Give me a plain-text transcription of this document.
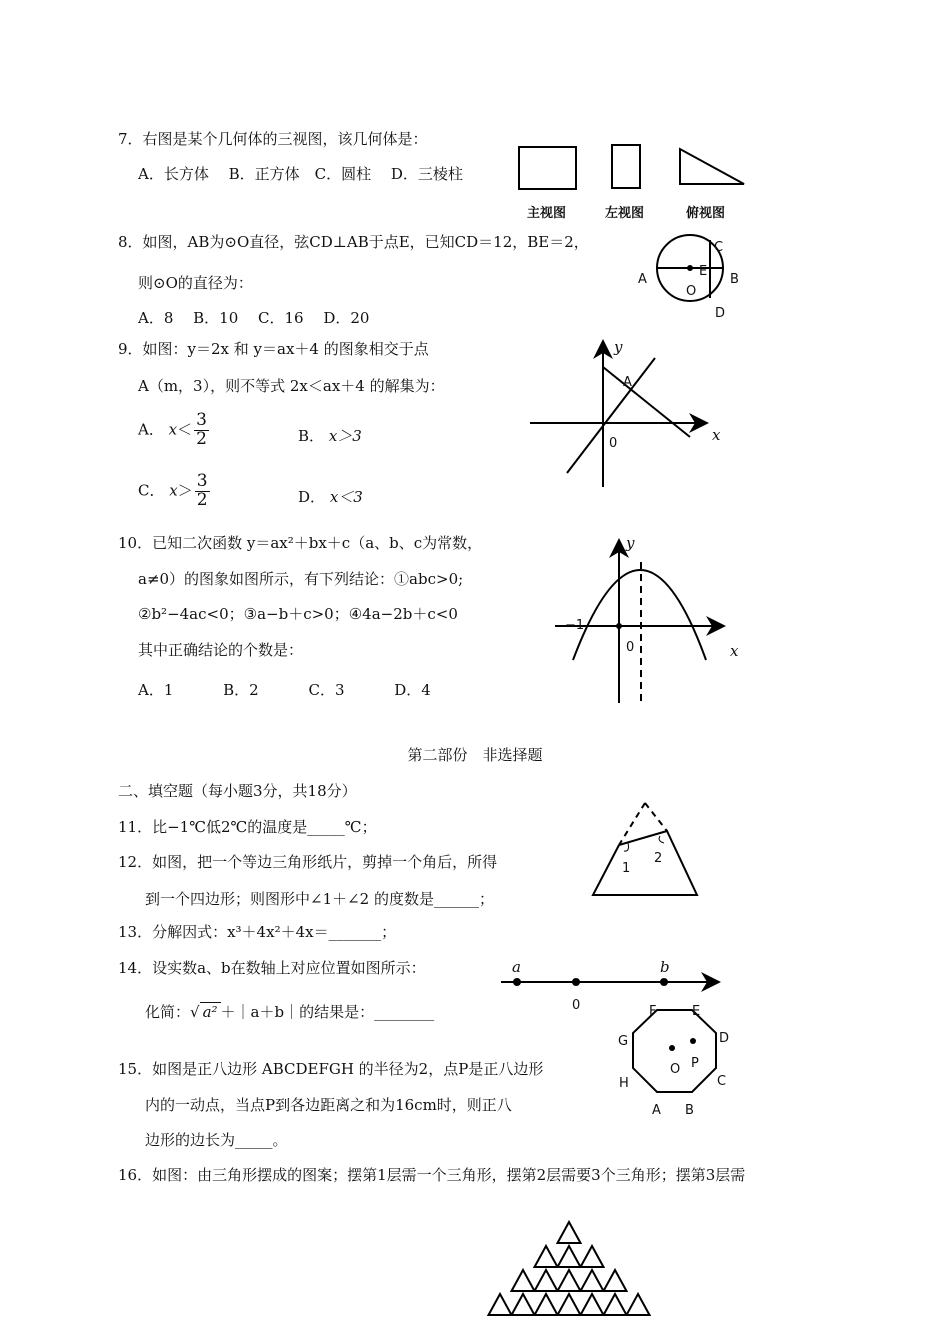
7．右图是某个几何体的三视图，该几何体是：
A．长方体　 B．正方体　C．圆柱　 D．三棱柱
主视图	左视图	俯视图
8．如图，AB为⊙O直径，弦CD⊥AB于点E，已知CD＝12，BE＝2，
则⊙O的直径为：
A．8　 B．10　 C．16　 D．20
A	B
C
D
E
O
9．如图：y＝2x 和 y＝ax＋4 的图象相交于点
A（m，3），则不等式 2x＜ax＋4 的解集为：
A． $x< \frac{3}{2}$	B． x＞3
C． $x> \frac{3}{2}$	D． x＜3
y
x
A
0
10．已知二次函数 y＝ax²＋bx＋c（a、b、c为常数，
a≠0）的图象如图所示，有下列结论：①abc>0;
②b²−4ac<0；③a−b＋c>0；④4a−2b＋c<0
其中正确结论的个数是：
A．1　　　 B．2　　　 C．3　　　 D．4
y
x
−1
0
第二部份　非选择题
二、填空题（每小题3分，共18分）
11．比−1℃低2℃的温度是_____℃；
12．如图，把一个等边三角形纸片，剪掉一个角后，所得
到一个四边形；则图形中∠1＋∠2 的度数是______；
1
2
13．分解因式：x³＋4x²＋4x＝_______；
14．设实数a、b在数轴上对应位置如图所示：
化简：√ a² ＋｜a＋b｜的结果是：________
a	b
0
15．如图是正八边形 ABCDEFGH 的半径为2，点P是正八边形
内的一动点，当点P到各边距离之和为16cm时，则正八
边形的边长为_____。
F	E
G	D
H	C
A B
O P
16．如图：由三角形摆成的图案；摆第1层需一个三角形，摆第2层需要3个三角形；摆第3层需
